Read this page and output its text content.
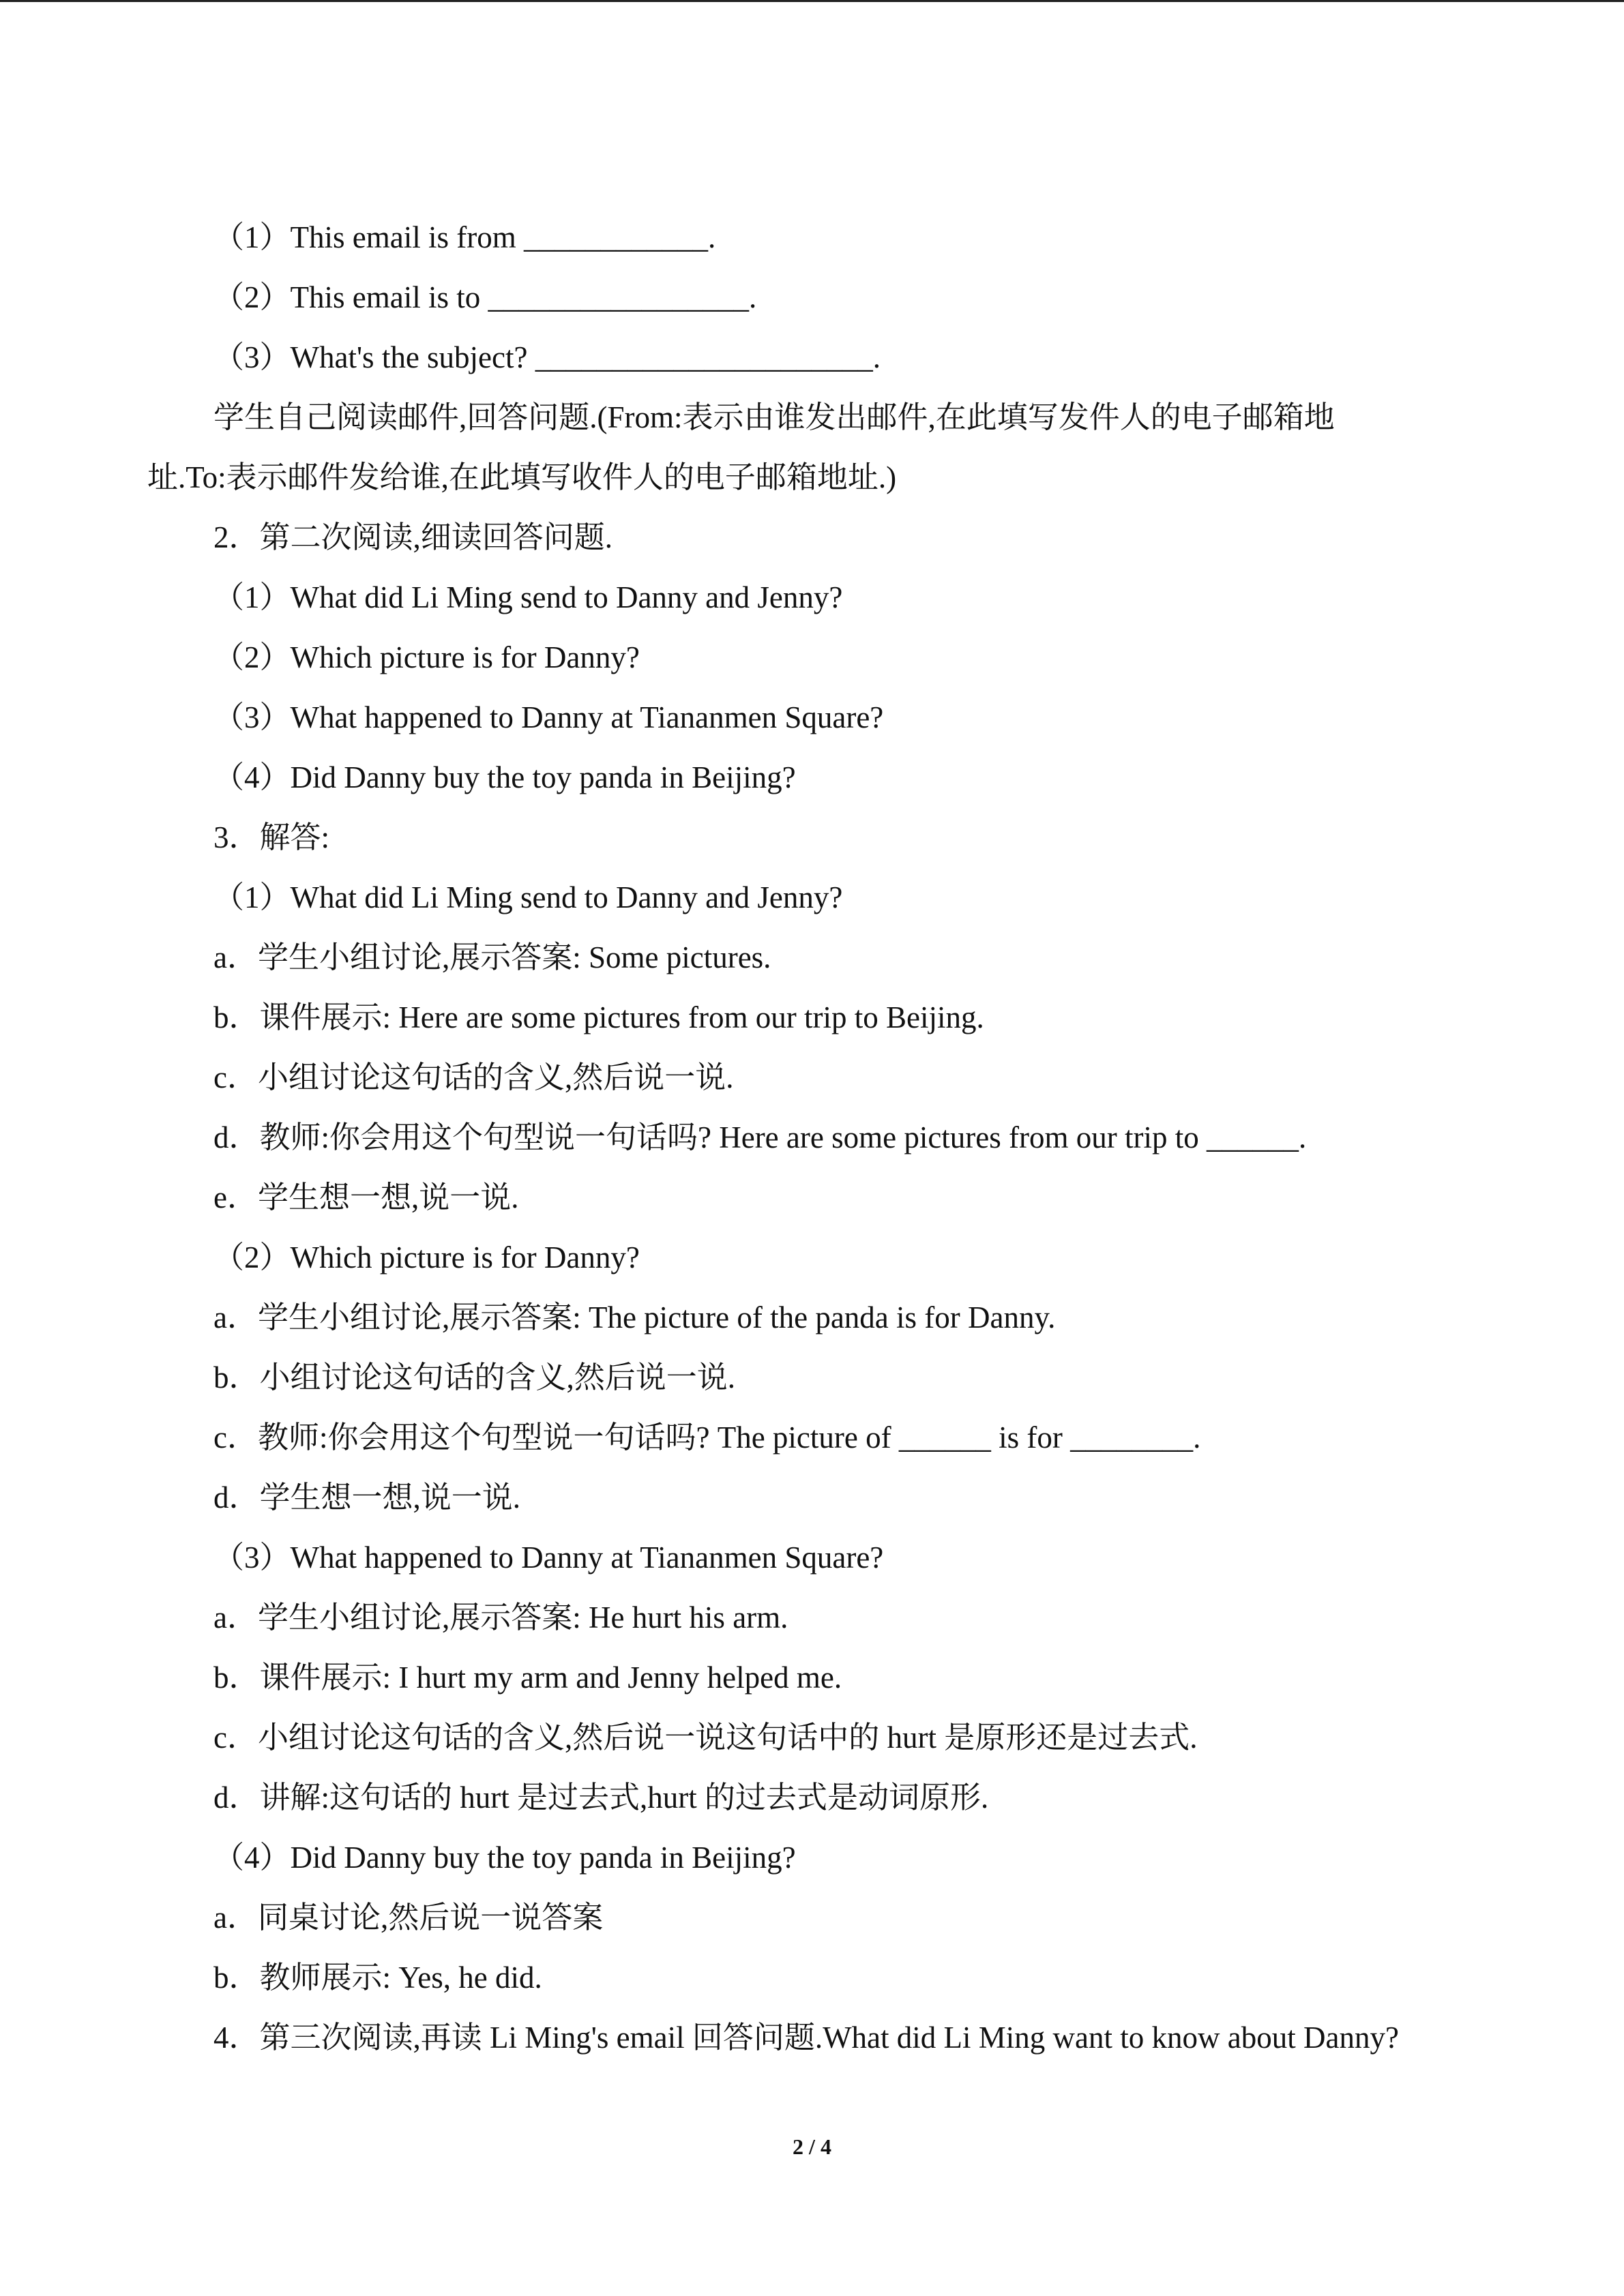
（1）This email is from ____________.
（2）This email is to _________________.
（3）What's the subject? ______________________.
学生自己阅读邮件,回答问题.(From:表示由谁发出邮件,在此填写发件人的电子邮箱地
址.To:表示邮件发给谁,在此填写收件人的电子邮箱地址.)
2．第二次阅读,细读回答问题.
（1）What did Li Ming send to Danny and Jenny?
（2）Which picture is for Danny?
（3）What happened to Danny at Tiananmen Square?
（4）Did Danny buy the toy panda in Beijing?
3．解答:
（1）What did Li Ming send to Danny and Jenny?
a．学生小组讨论,展示答案: Some pictures.
b．课件展示: Here are some pictures from our trip to Beijing.
c．小组讨论这句话的含义,然后说一说.
d．教师:你会用这个句型说一句话吗? Here are some pictures from our trip to ______.
e．学生想一想,说一说.
（2）Which picture is for Danny?
a．学生小组讨论,展示答案: The picture of the panda is for Danny.
b．小组讨论这句话的含义,然后说一说.
c．教师:你会用这个句型说一句话吗? The picture of ______ is for ________.
d．学生想一想,说一说.
（3）What happened to Danny at Tiananmen Square?
a．学生小组讨论,展示答案: He hurt his arm.
b．课件展示: I hurt my arm and Jenny helped me.
c．小组讨论这句话的含义,然后说一说这句话中的 hurt 是原形还是过去式.
d．讲解:这句话的 hurt 是过去式,hurt 的过去式是动词原形.
（4）Did Danny buy the toy panda in Beijing?
a．同桌讨论,然后说一说答案
b．教师展示: Yes, he did.
4．第三次阅读,再读 Li Ming's email 回答问题.What did Li Ming want to know about Danny?
2 / 4
